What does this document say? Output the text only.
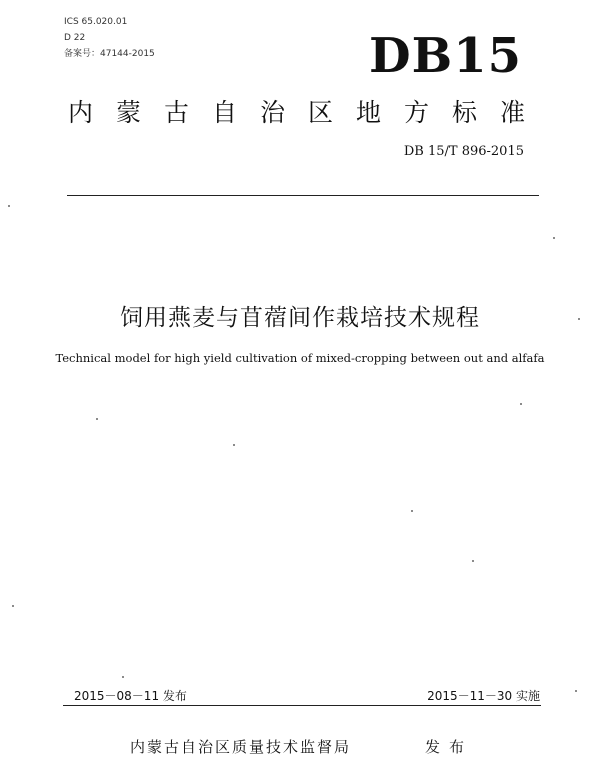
ICS 65.020.01
D 22
备案号：47144-2015	DB15
内蒙古自治区地方标准
DB 15/T 896-2015
饲用燕麦与苜蓿间作栽培技术规程
Technical model for high yield cultivation of mixed-cropping between out and alfafa
2015－08－11 发布	2015－11－30 实施
内蒙古自治区质量技术监督局	发布
